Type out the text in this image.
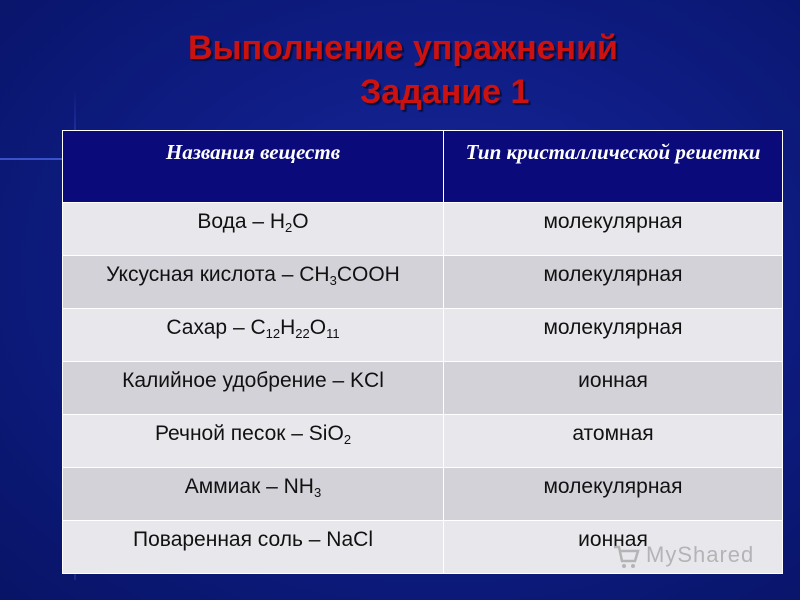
Выполнение упражнений
Задание 1
Названия веществ	Тип кристаллической решетки
Вода – $H_2O$	молекулярная
Уксусная кислота – $CH_3COOH$	молекулярная
Сахар – $C_{12}H_{22}O_{11}$	молекулярная
Калийное удобрение – KCl	ионная
Речной песок – SiO$_2$	атомная
Аммиак – $NH_3$	молекулярная
Поваренная соль – NaCl	ионная
MyShared
